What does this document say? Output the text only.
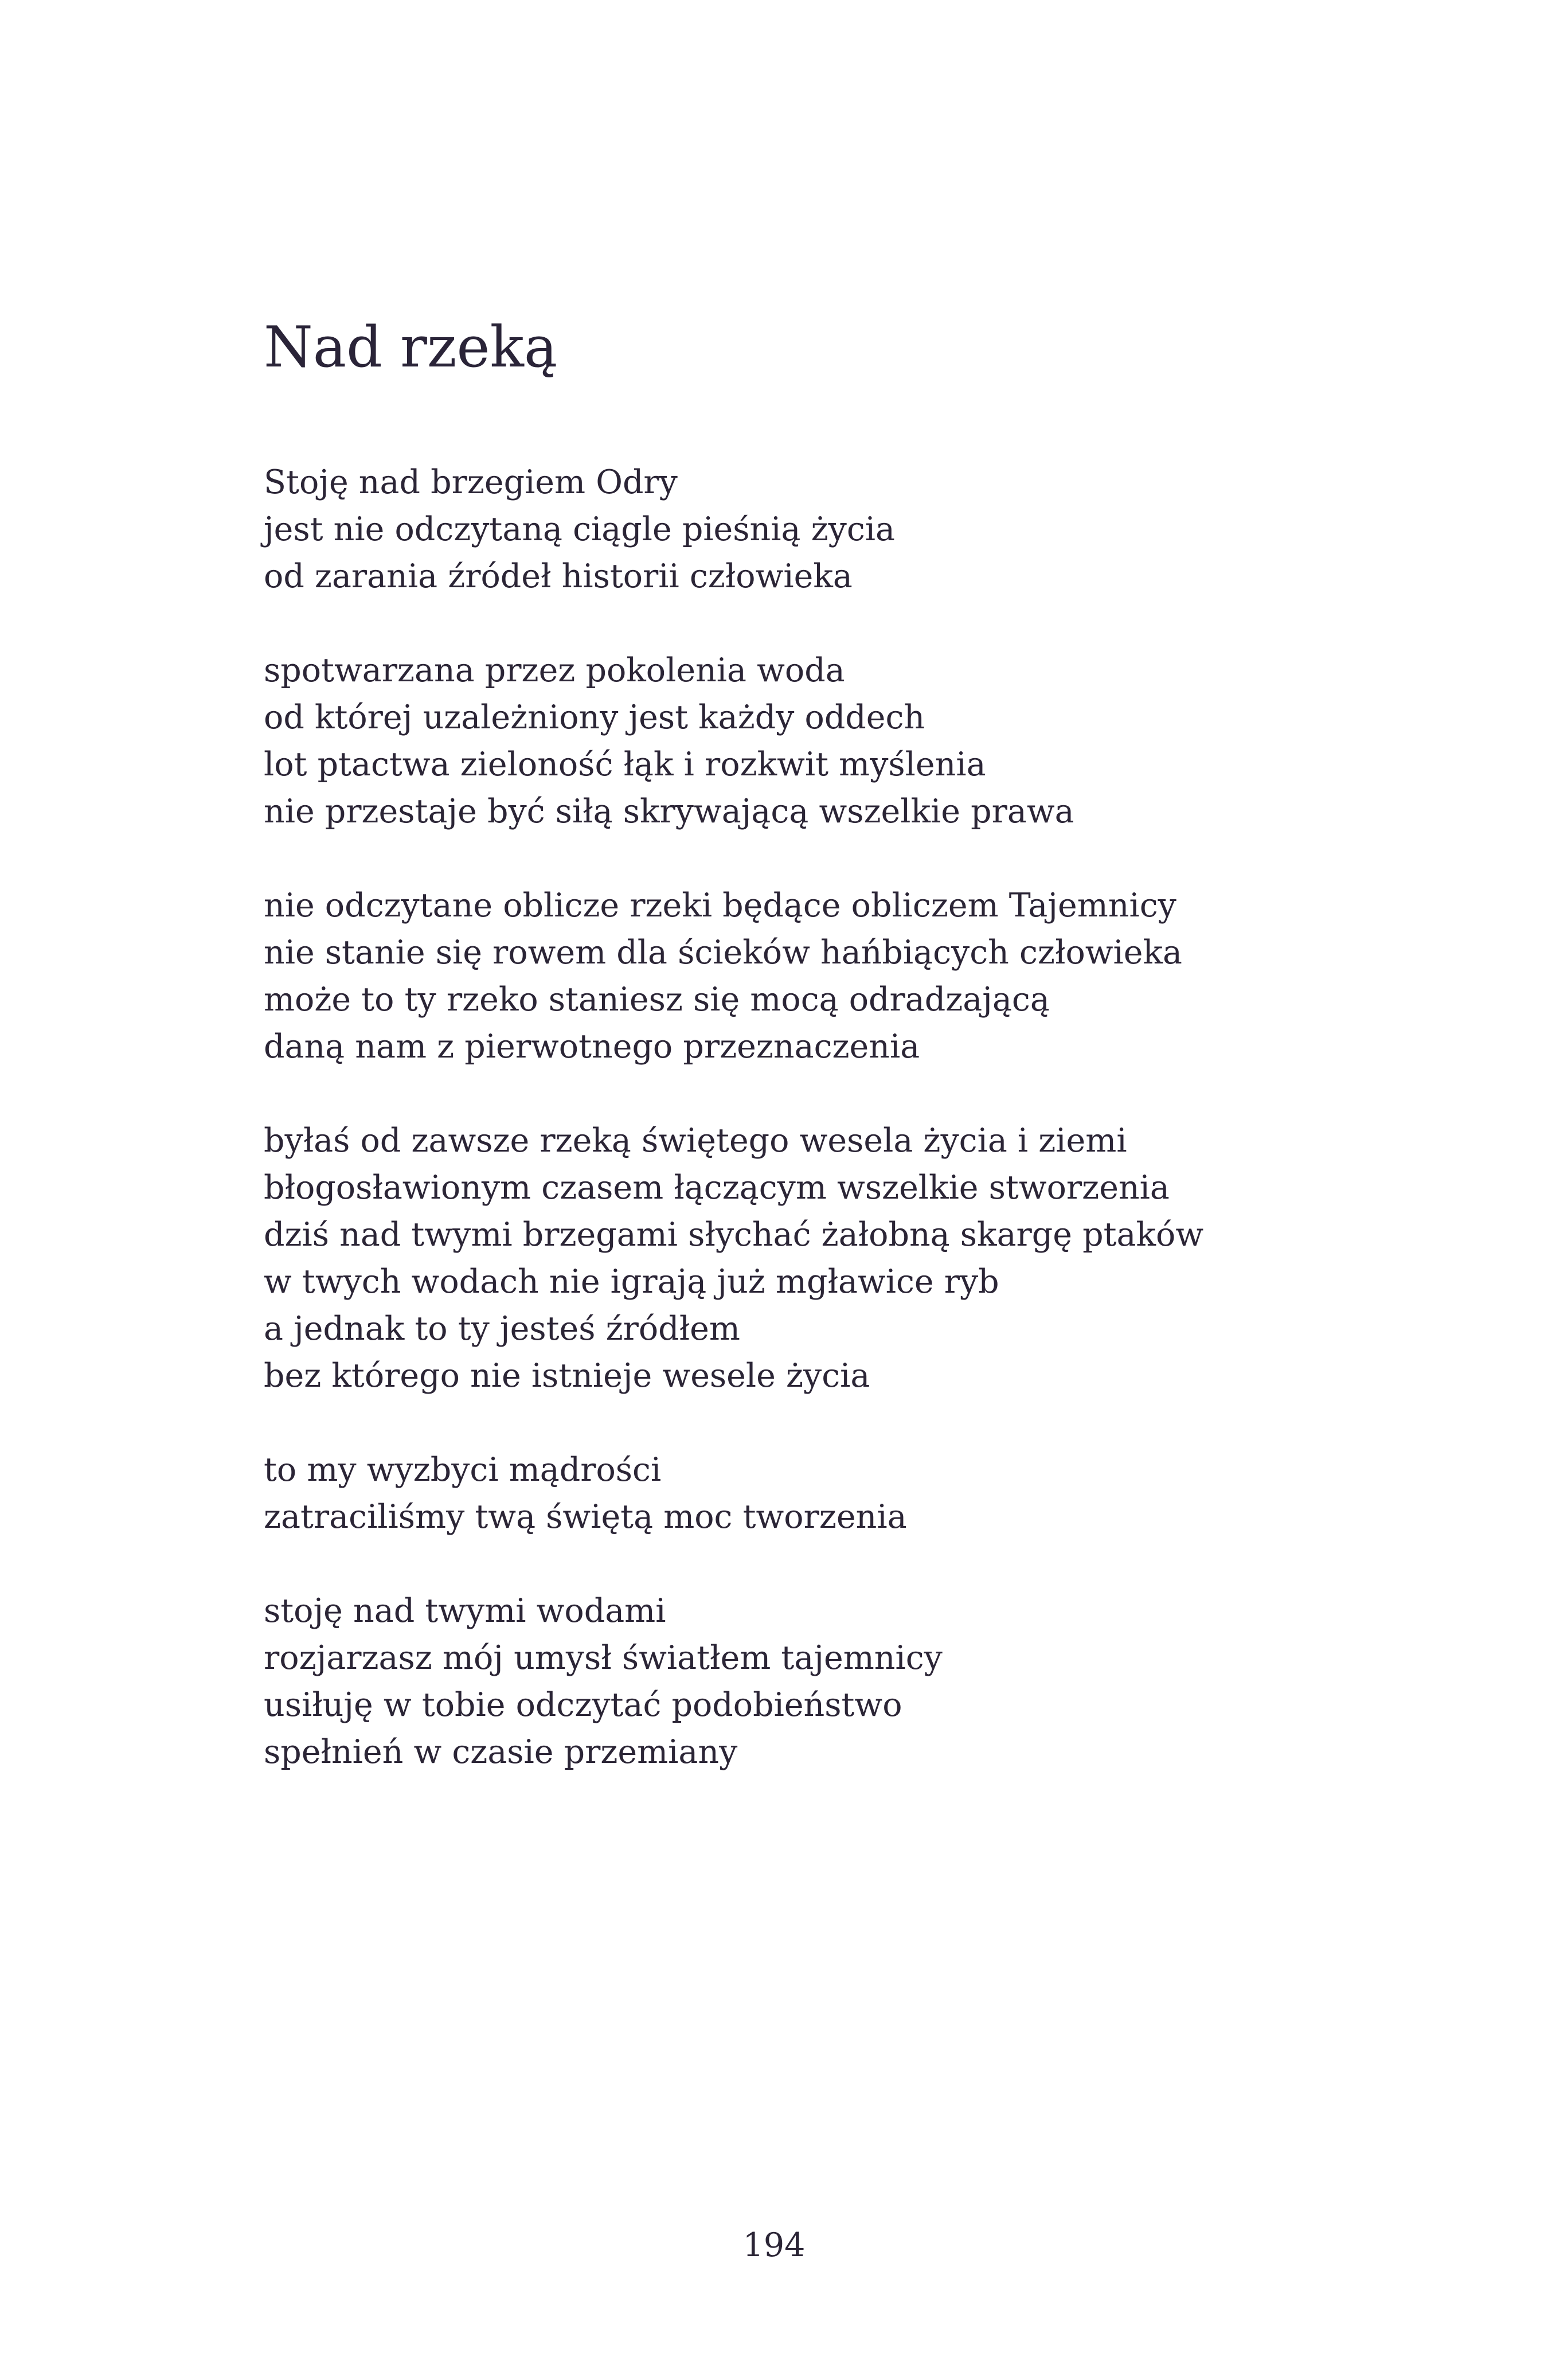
Nad rzeką
Stoję nad brzegiem Odry
jest nie odczytaną ciągle pieśnią życia
od zarania źródeł historii człowieka
spotwarzana przez pokolenia woda
od której uzależniony jest każdy oddech
lot ptactwa zieloność łąk i rozkwit myślenia
nie przestaje być siłą skrywającą wszelkie prawa
nie odczytane oblicze rzeki będące obliczem Tajemnicy
nie stanie się rowem dla ścieków hańbiących człowieka
może to ty rzeko staniesz się mocą odradzającą
daną nam z pierwotnego przeznaczenia
byłaś od zawsze rzeką świętego wesela życia i ziemi
błogosławionym czasem łączącym wszelkie stworzenia
dziś nad twymi brzegami słychać żałobną skargę ptaków
w twych wodach nie igrają już mgławice ryb
a jednak to ty jesteś źródłem
bez którego nie istnieje wesele życia
to my wyzbyci mądrości
zatraciliśmy twą świętą moc tworzenia
stoję nad twymi wodami
rozjarzasz mój umysł światłem tajemnicy
usiłuję w tobie odczytać podobieństwo
spełnień w czasie przemiany
194
